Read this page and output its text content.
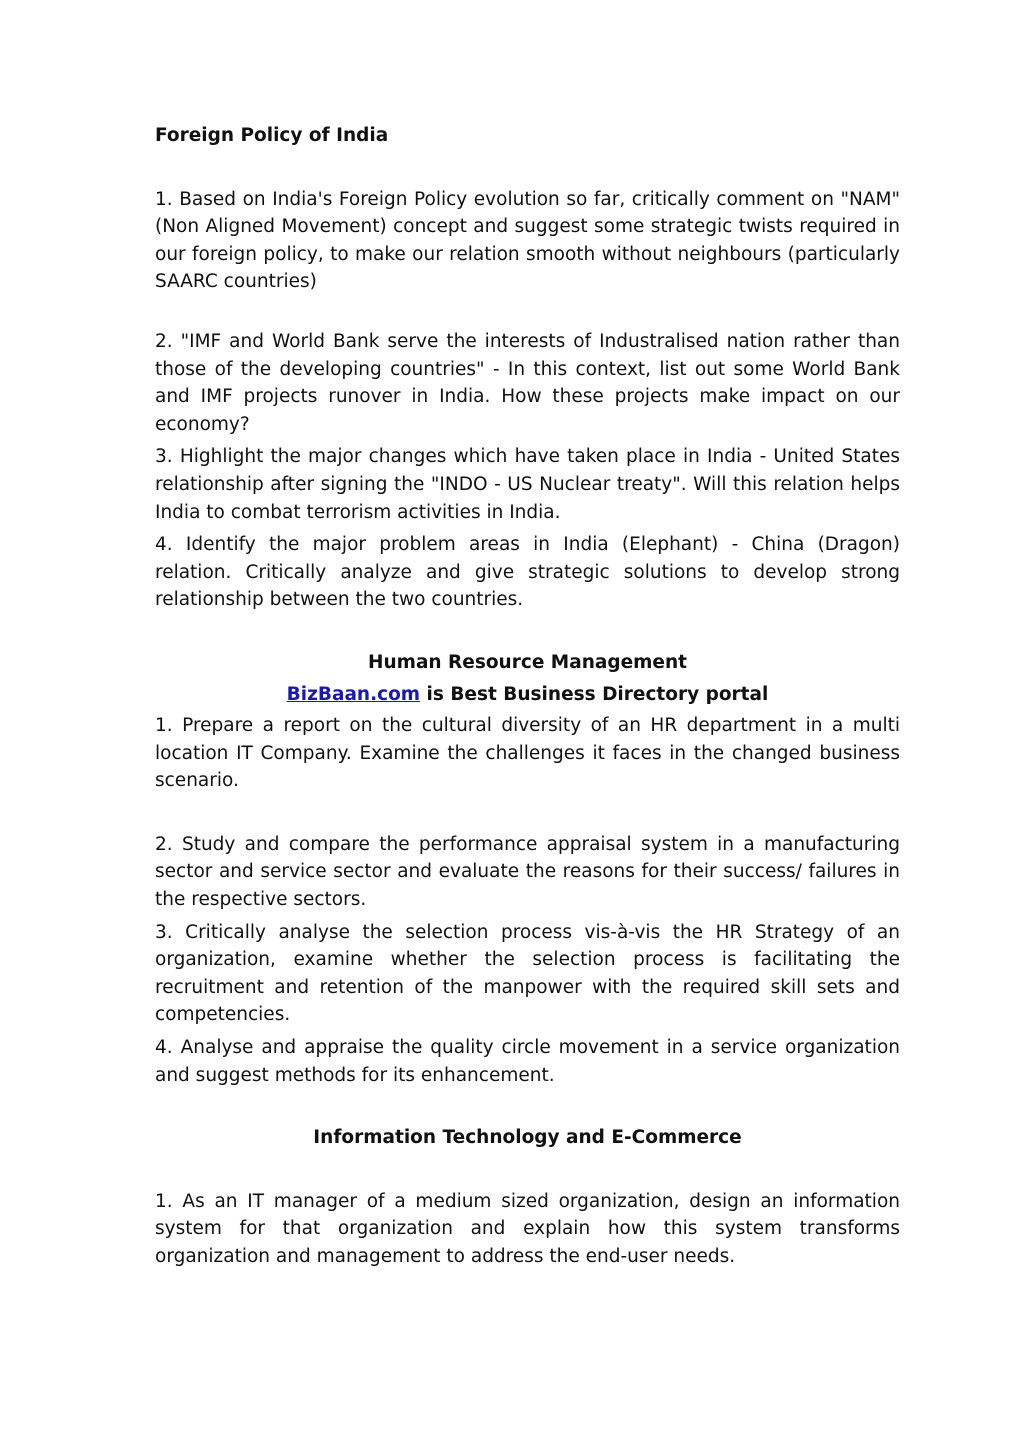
Foreign Policy of India

1. Based on India's Foreign Policy evolution so far, critically comment on "NAM" (Non Aligned Movement) concept and suggest some strategic twists required in our foreign policy, to make our relation smooth without neighbours (particularly SAARC countries)

2. "IMF and World Bank serve the interests of Industralised nation rather than those of the developing countries" - In this context, list out some World Bank and IMF projects runover in India. How these projects make impact on our economy?

3. Highlight the major changes which have taken place in India - United States relationship after signing the "INDO - US Nuclear treaty". Will this relation helps India to combat terrorism activities in India.

4. Identify the major problem areas in India (Elephant) - China (Dragon) relation. Critically analyze and give strategic solutions to develop strong relationship between the two countries.

Human Resource Management

BizBaan.com is Best Business Directory portal

1. Prepare a report on the cultural diversity of an HR department in a multi location IT Company. Examine the challenges it faces in the changed business scenario.

2. Study and compare the performance appraisal system in a manufacturing sector and service sector and evaluate the reasons for their success/ failures in the respective sectors.

3. Critically analyse the selection process vis-à-vis the HR Strategy of an organization, examine whether the selection process is facilitating the recruitment and retention of the manpower with the required skill sets and competencies.

4. Analyse and appraise the quality circle movement in a service organization and suggest methods for its enhancement.

Information Technology and E-Commerce

1. As an IT manager of a medium sized organization, design an information system for that organization and explain how this system transforms organization and management to address the end-user needs.
